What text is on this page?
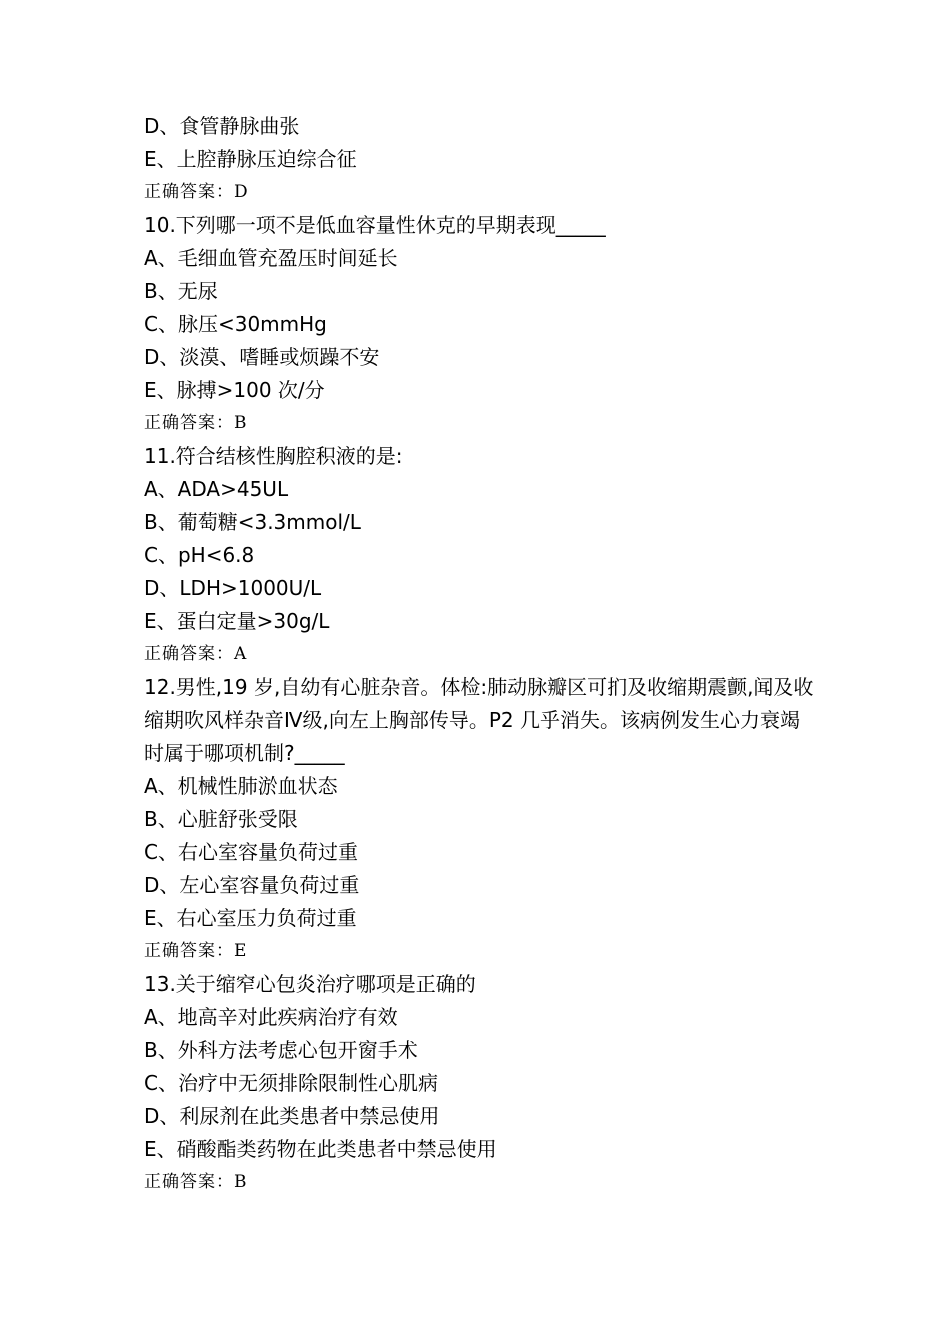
D、食管静脉曲张
E、上腔静脉压迫综合征
正确答案：D
10.下列哪一项不是低血容量性休克的早期表现_____
A、毛细血管充盈压时间延长
B、无尿
C、脉压<30mmHg
D、淡漠、嗜睡或烦躁不安
E、脉搏>100 次/分
正确答案：B
11.符合结核性胸腔积液的是:
A、ADA>45UL
B、葡萄糖<3.3mmol/L
C、pH<6.8
D、LDH>1000U/L
E、蛋白定量>30g/L
正确答案：A
12.男性,19 岁,自幼有心脏杂音。体检:肺动脉瓣区可扪及收缩期震颤,闻及收缩期吹风样杂音Ⅳ级,向左上胸部传导。P2 几乎消失。该病例发生心力衰竭时属于哪项机制?_____
A、机械性肺淤血状态
B、心脏舒张受限
C、右心室容量负荷过重
D、左心室容量负荷过重
E、右心室压力负荷过重
正确答案：E
13.关于缩窄心包炎治疗哪项是正确的
A、地高辛对此疾病治疗有效
B、外科方法考虑心包开窗手术
C、治疗中无须排除限制性心肌病
D、利尿剂在此类患者中禁忌使用
E、硝酸酯类药物在此类患者中禁忌使用
正确答案：B
